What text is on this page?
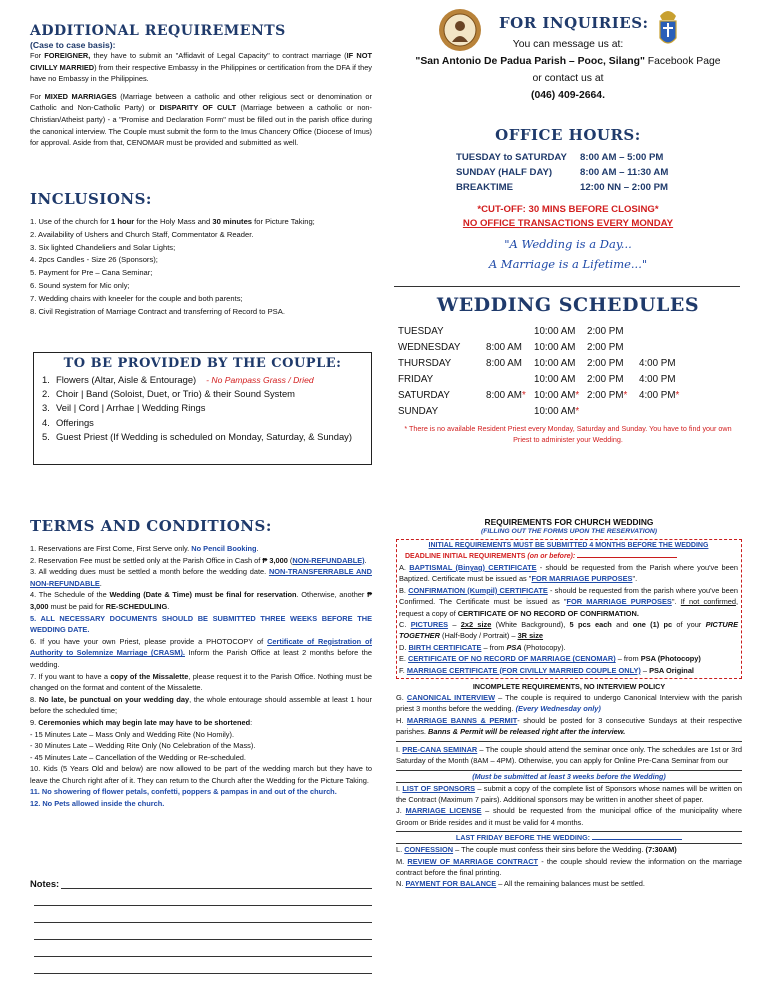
ADDITIONAL REQUIREMENTS
(Case to case basis):

For FOREIGNER, they have to submit an "Affidavit of Legal Capacity" to contract marriage (IF NOT CIVILLY MARRIED) from their respective Embassy in the Philippines or certification from the DFA if they have no Embassy in the Philippines.

For MIXED MARRIAGES (Marriage between a catholic and other religious sect or denomination or Catholic and Non-Catholic Party) or DISPARITY OF CULT (Marriage between a catholic or non-Christian/Atheist party) - a "Promise and Declaration Form" must be filled out in the parish office during the canonical interview. The Couple must submit the form to the Imus Chancery Office (Diocese of Imus) for approval. Aside from that, CENOMAR must be provided and submitted as well.

INCLUSIONS:
1. Use of the church for 1 hour for the Holy Mass and 30 minutes for Picture Taking;
2. Availability of Ushers and Church Staff, Commentator & Reader.
3. Six lighted Chandeliers and Solar Lights;
4. 2pcs Candles - Size 26 (Sponsors);
5. Payment for Pre – Cana Seminar;
6. Sound system for Mic only;
7. Wedding chairs with kneeler for the couple and both parents;
8. Civil Registration of Marriage Contract and transferring of Record to PSA.
TO BE PROVIDED BY THE COUPLE:
1. Flowers (Altar, Aisle & Entourage) - No Pampass Grass / Dried
2. Choir | Band (Soloist, Duet, or Trio) & their Sound System
3. Veil | Cord | Arrhae | Wedding Rings
4. Offerings
5. Guest Priest (If Wedding is scheduled on Monday, Saturday, & Sunday)
TERMS AND CONDITIONS:
1. Reservations are First Come, First Serve only. No Pencil Booking.
2. Reservation Fee must be settled only at the Parish Office in Cash of ₱ 3,000 (NON-REFUNDABLE).
3. All wedding dues must be settled a month before the wedding date. NON-TRANSFERRABLE AND NON-REFUNDABLE.
4. The Schedule of the Wedding (Date & Time) must be final for reservation. Otherwise, another ₱ 3,000 must be paid for RE-SCHEDULING.
5. ALL NECESSARY DOCUMENTS SHOULD BE SUBMITTED THREE WEEKS BEFORE THE WEDDING DATE.
6. If you have your own Priest, please provide a PHOTOCOPY of Certificate of Registration of Authority to Solemnize Marriage (CRASM). Inform the Parish Office at least 2 months before the wedding.
7. If you want to have a copy of the Missalette, please request it to the Parish Office. Nothing must be changed on the format and content of the Missalette.
8. No late, be punctual on your wedding day, the whole entourage should assemble at least 1 hour before the scheduled time;
9. Ceremonies which may begin late may have to be shortened:
- 15 Minutes Late – Mass Only and Wedding Rite (No Homily).
- 30 Minutes Late – Wedding Rite Only (No Celebration of the Mass).
- 45 Minutes Late – Cancellation of the Wedding or Re-scheduled.
10. Kids (5 Years Old and below) are now allowed to be part of the wedding march but they have to leave the Church right after of it. They can return to the Church after the Wedding for the Picture Taking.
11. No showering of flower petals, confetti, poppers & pampas in and out of the church.
12. No Pets allowed inside the church.
Notes:
FOR INQUIRIES:
You can message us at:
"San Antonio De Padua Parish – Pooc, Silang" Facebook Page
or contact us at
(046) 409-2664.
OFFICE HOURS:
TUESDAY to SATURDAY	8:00 AM – 5:00 PM
SUNDAY (HALF DAY)	8:00 AM – 11:30 AM
BREAKTIME	12:00 NN – 2:00 PM
*CUT-OFF: 30 MINS BEFORE CLOSING*
NO OFFICE TRANSACTIONS EVERY MONDAY
"A Wedding is a Day...
A Marriage is a Lifetime..."
WEDDING SCHEDULES
TUESDAY		10:00 AM	2:00 PM	
WEDNESDAY	8:00 AM	10:00 AM	2:00 PM	
THURSDAY	8:00 AM	10:00 AM	2:00 PM	4:00 PM
FRIDAY		10:00 AM	2:00 PM	4:00 PM
SATURDAY	8:00 AM*	10:00 AM*	2:00 PM*	4:00 PM*
SUNDAY		10:00 AM*		
* There is no available Resident Priest every Monday, Saturday and Sunday. You have to find your own Priest to administer your Wedding.
REQUIREMENTS FOR CHURCH WEDDING
(FILLING OUT THE FORMS UPON THE RESERVATION)
INITIAL REQUIREMENTS MUST BE SUBMITTED 4 MONTHS BEFORE THE WEDDING
DEADLINE INITIAL REQUIREMENTS (on or before):

A. BAPTISMAL (Binyag) CERTIFICATE - should be requested from the Parish where you've been Baptized. Certificate must be issued as "FOR MARRIAGE PURPOSES".

B. CONFIRMATION (Kumpil) CERTIFICATE - should be requested from the parish where you've been Confirmed. The Certificate must be issued as "FOR MARRIAGE PURPOSES". If not confirmed, request a copy of CERTIFICATE OF NO RECORD OF CONFIRMATION.

C. PICTURES – 2x2 size (White Background), 5 pcs each and one (1) pc of your PICTURE TOGETHER (Half-Body / Portrait) – 3R size

D. BIRTH CERTIFICATE – from PSA (Photocopy).

E. CERTIFICATE OF NO RECORD OF MARRIAGE (CENOMAR) – from PSA (Photocopy)

F. MARRIAGE CERTIFICATE (FOR CIVILLY MARRIED COUPLE ONLY) – PSA Original

INCOMPLETE REQUIREMENTS, NO INTERVIEW POLICY

G. CANONICAL INTERVIEW – The couple is required to undergo Canonical Interview with the parish priest 3 months before the wedding. (Every Wednesday only)

H. MARRIAGE BANNS & PERMIT- should be posted for 3 consecutive Sundays at their respective parishes. Banns & Permit will be released right after the interview.

I. PRE-CANA SEMINAR – The couple should attend the seminar once only. The schedules are 1st or 3rd Saturday of the Month (8AM – 4PM). Otherwise, you can apply for Online Pre-Cana Seminar from our

(Must be submitted at least 3 weeks before the Wedding)

I. LIST OF SPONSORS – submit a copy of the complete list of Sponsors whose names will be written on the Contract (Maximum 7 pairs). Additional sponsors may be written in another sheet of paper.

J. MARRIAGE LICENSE – should be requested from the municipal office of the municipality where Groom or Bride resides and it must be valid for 4 months.

LAST FRIDAY BEFORE THE WEDDING:

L. CONFESSION – The couple must confess their sins before the Wedding. (7:30AM)

M. REVIEW OF MARRIAGE CONTRACT - the couple should review the information on the marriage contract before the final printing.

N. PAYMENT FOR BALANCE – All the remaining balances must be settled.
